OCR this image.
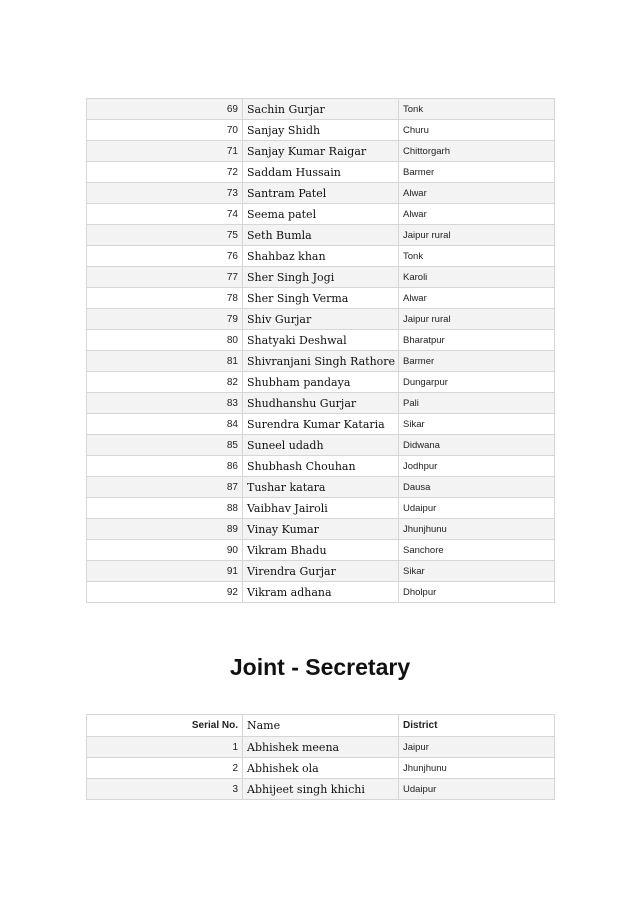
69	Sachin Gurjar	Tonk
70	Sanjay Shidh	Churu
71	Sanjay Kumar Raigar	Chittorgarh
72	Saddam Hussain	Barmer
73	Santram Patel	Alwar
74	Seema patel	Alwar
75	Seth Bumla	Jaipur rural
76	Shahbaz khan	Tonk
77	Sher Singh Jogi	Karoli
78	Sher Singh Verma	Alwar
79	Shiv Gurjar	Jaipur rural
80	Shatyaki Deshwal	Bharatpur
81	Shivranjani Singh Rathore	Barmer
82	Shubham pandaya	Dungarpur
83	Shudhanshu Gurjar	Pali
84	Surendra Kumar Kataria	Sikar
85	Suneel udadh	Didwana
86	Shubhash Chouhan	Jodhpur
87	Tushar katara	Dausa
88	Vaibhav Jairoli	Udaipur
89	Vinay Kumar	Jhunjhunu
90	Vikram Bhadu	Sanchore
91	Virendra Gurjar	Sikar
92	Vikram adhana	Dholpur
Joint - Secretary
Serial No.	Name	District
1	Abhishek meena	Jaipur
2	Abhishek ola	Jhunjhunu
3	Abhijeet singh khichi	Udaipur
